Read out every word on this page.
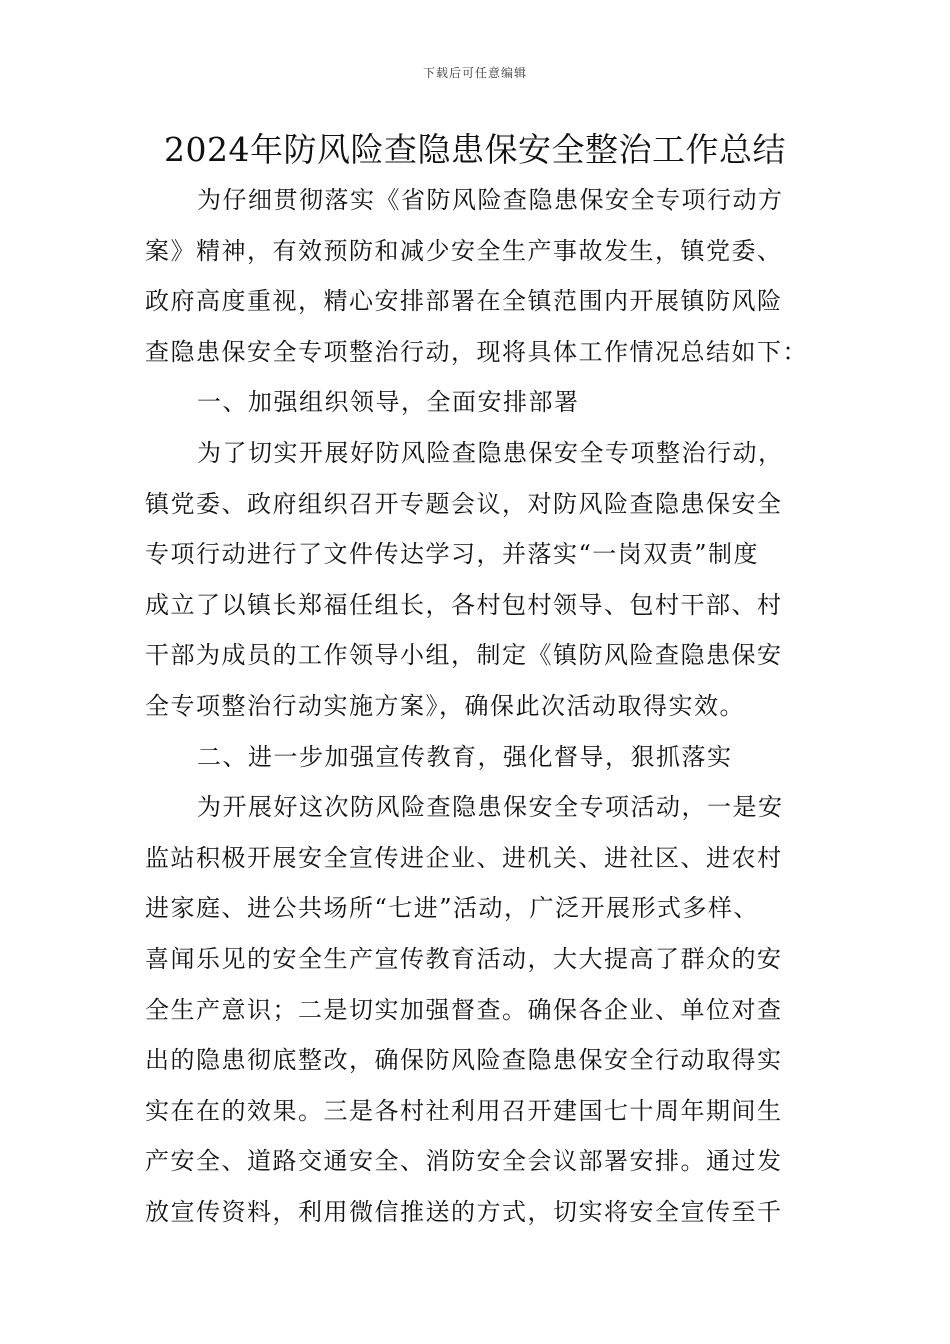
下载后可任意编辑
2024年防风险查隐患保安全整治工作总结
为仔细贯彻落实《省防风险查隐患保安全专项行动方
案》精神，有效预防和减少安全生产事故发生，镇党委、
政府高度重视，精心安排部署在全镇范围内开展镇防风险
查隐患保安全专项整治行动，现将具体工作情况总结如下：
一、加强组织领导，全面安排部署
为了切实开展好防风险查隐患保安全专项整治行动，
镇党委、政府组织召开专题会议，对防风险查隐患保安全
专项行动进行了文件传达学习，并落实“一岗双责”制度
成立了以镇长郑福任组长，各村包村领导、包村干部、村
干部为成员的工作领导小组，制定《镇防风险查隐患保安
全专项整治行动实施方案》，确保此次活动取得实效。
二、进一步加强宣传教育，强化督导，狠抓落实
为开展好这次防风险查隐患保安全专项活动，一是安
监站积极开展安全宣传进企业、进机关、进社区、进农村
进家庭、进公共场所“七进”活动，广泛开展形式多样、
喜闻乐见的安全生产宣传教育活动，大大提高了群众的安
全生产意识；二是切实加强督查。确保各企业、单位对查
出的隐患彻底整改，确保防风险查隐患保安全行动取得实
实在在的效果。三是各村社利用召开建国七十周年期间生
产安全、道路交通安全、消防安全会议部署安排。通过发
放宣传资料，利用微信推送的方式，切实将安全宣传至千
